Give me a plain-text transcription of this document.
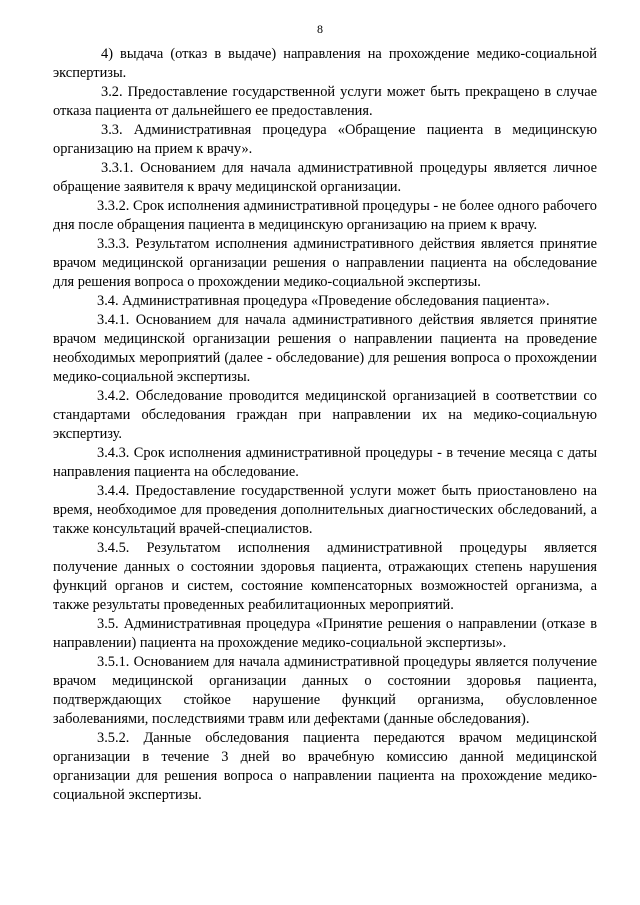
8

4) выдача (отказ в выдаче) направления на прохождение медико-социальной экспертизы.

3.2. Предоставление государственной услуги может быть прекращено в случае отказа пациента от дальнейшего ее предоставления.

3.3. Административная процедура «Обращение пациента в медицинскую организацию на прием к врачу».

3.3.1. Основанием для начала административной процедуры является личное обращение заявителя к врачу медицинской организации.

3.3.2. Срок исполнения административной процедуры - не более одного рабочего дня после обращения пациента в медицинскую организацию на прием к врачу.

3.3.3. Результатом исполнения административного действия является принятие врачом медицинской организации решения о направлении пациента на обследование для решения вопроса о прохождении медико-социальной экспертизы.

3.4. Административная процедура «Проведение обследования пациента».

3.4.1. Основанием для начала административного действия является принятие врачом медицинской организации решения о направлении пациента на проведение необходимых мероприятий (далее - обследование) для решения вопроса о прохождении медико-социальной экспертизы.

3.4.2. Обследование проводится медицинской организацией в соответствии со стандартами обследования граждан при направлении их на медико-социальную экспертизу.

3.4.3. Срок исполнения административной процедуры - в течение месяца с даты направления пациента на обследование.

3.4.4. Предоставление государственной услуги может быть приостановлено на время, необходимое для проведения дополнительных диагностических обследований, а также консультаций врачей-специалистов.

3.4.5. Результатом исполнения административной процедуры является получение данных о состоянии здоровья пациента, отражающих степень нарушения функций органов и систем, состояние компенсаторных возможностей организма, а также результаты проведенных реабилитационных мероприятий.

3.5. Административная процедура «Принятие решения о направлении (отказе в направлении) пациента на прохождение медико-социальной экспертизы».

3.5.1. Основанием для начала административной процедуры является получение врачом медицинской организации данных о состоянии здоровья пациента, подтверждающих стойкое нарушение функций организма, обусловленное заболеваниями, последствиями травм или дефектами (данные обследования).

3.5.2. Данные обследования пациента передаются врачом медицинской организации в течение 3 дней во врачебную комиссию данной медицинской организации для решения вопроса о направлении пациента на прохождение медико-социальной экспертизы.
